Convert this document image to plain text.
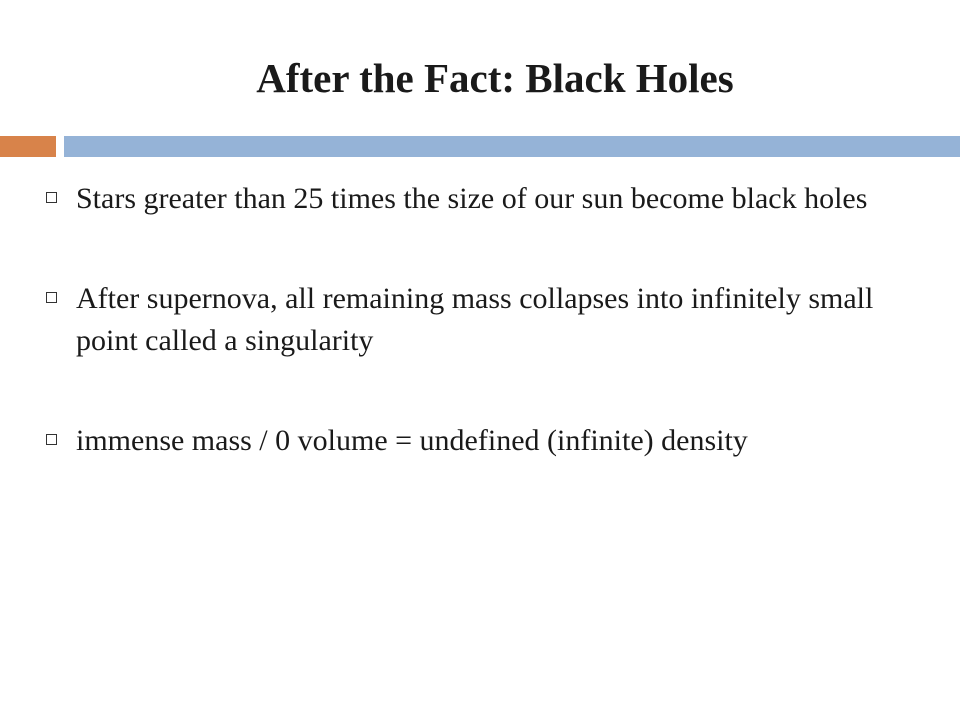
After the Fact: Black Holes
Stars greater than 25 times the size of our sun become black holes
After supernova, all remaining mass collapses into infinitely small point called a singularity
immense mass / 0 volume = undefined (infinite) density
